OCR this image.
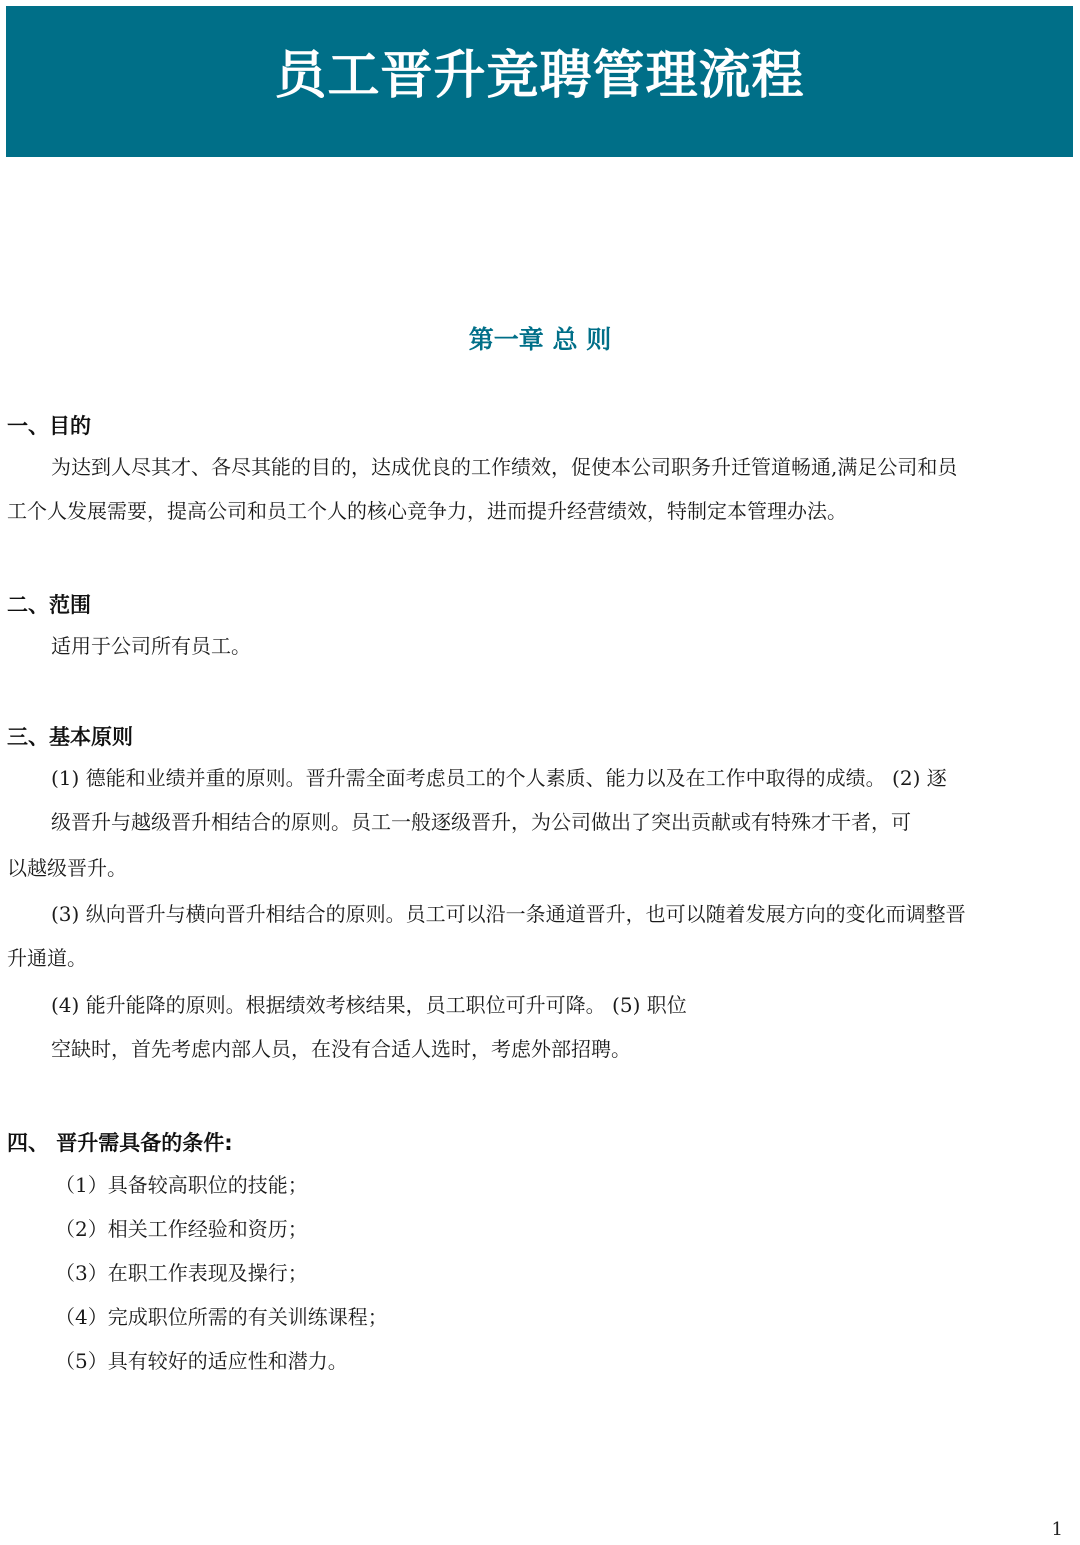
员工晋升竞聘管理流程
第一章 总 则
一、目的
为达到人尽其才、各尽其能的目的，达成优良的工作绩效，促使本公司职务升迁管道畅通,满足公司和员
工个人发展需要，提高公司和员工个人的核心竞争力，进而提升经营绩效，特制定本管理办法。
二、范围
适用于公司所有员工。
三、基本原则
(1) 德能和业绩并重的原则。晋升需全面考虑员工的个人素质、能力以及在工作中取得的成绩。 (2) 逐
级晋升与越级晋升相结合的原则。员工一般逐级晋升，为公司做出了突出贡献或有特殊才干者，可
以越级晋升。
(3) 纵向晋升与横向晋升相结合的原则。员工可以沿一条通道晋升，也可以随着发展方向的变化而调整晋
升通道。
(4) 能升能降的原则。根据绩效考核结果，员工职位可升可降。 (5) 职位
空缺时，首先考虑内部人员，在没有合适人选时，考虑外部招聘。
四、 晋升需具备的条件:
（1）具备较高职位的技能；
（2）相关工作经验和资历；
（3）在职工作表现及操行；
（4）完成职位所需的有关训练课程；
（5）具有较好的适应性和潜力。
1
